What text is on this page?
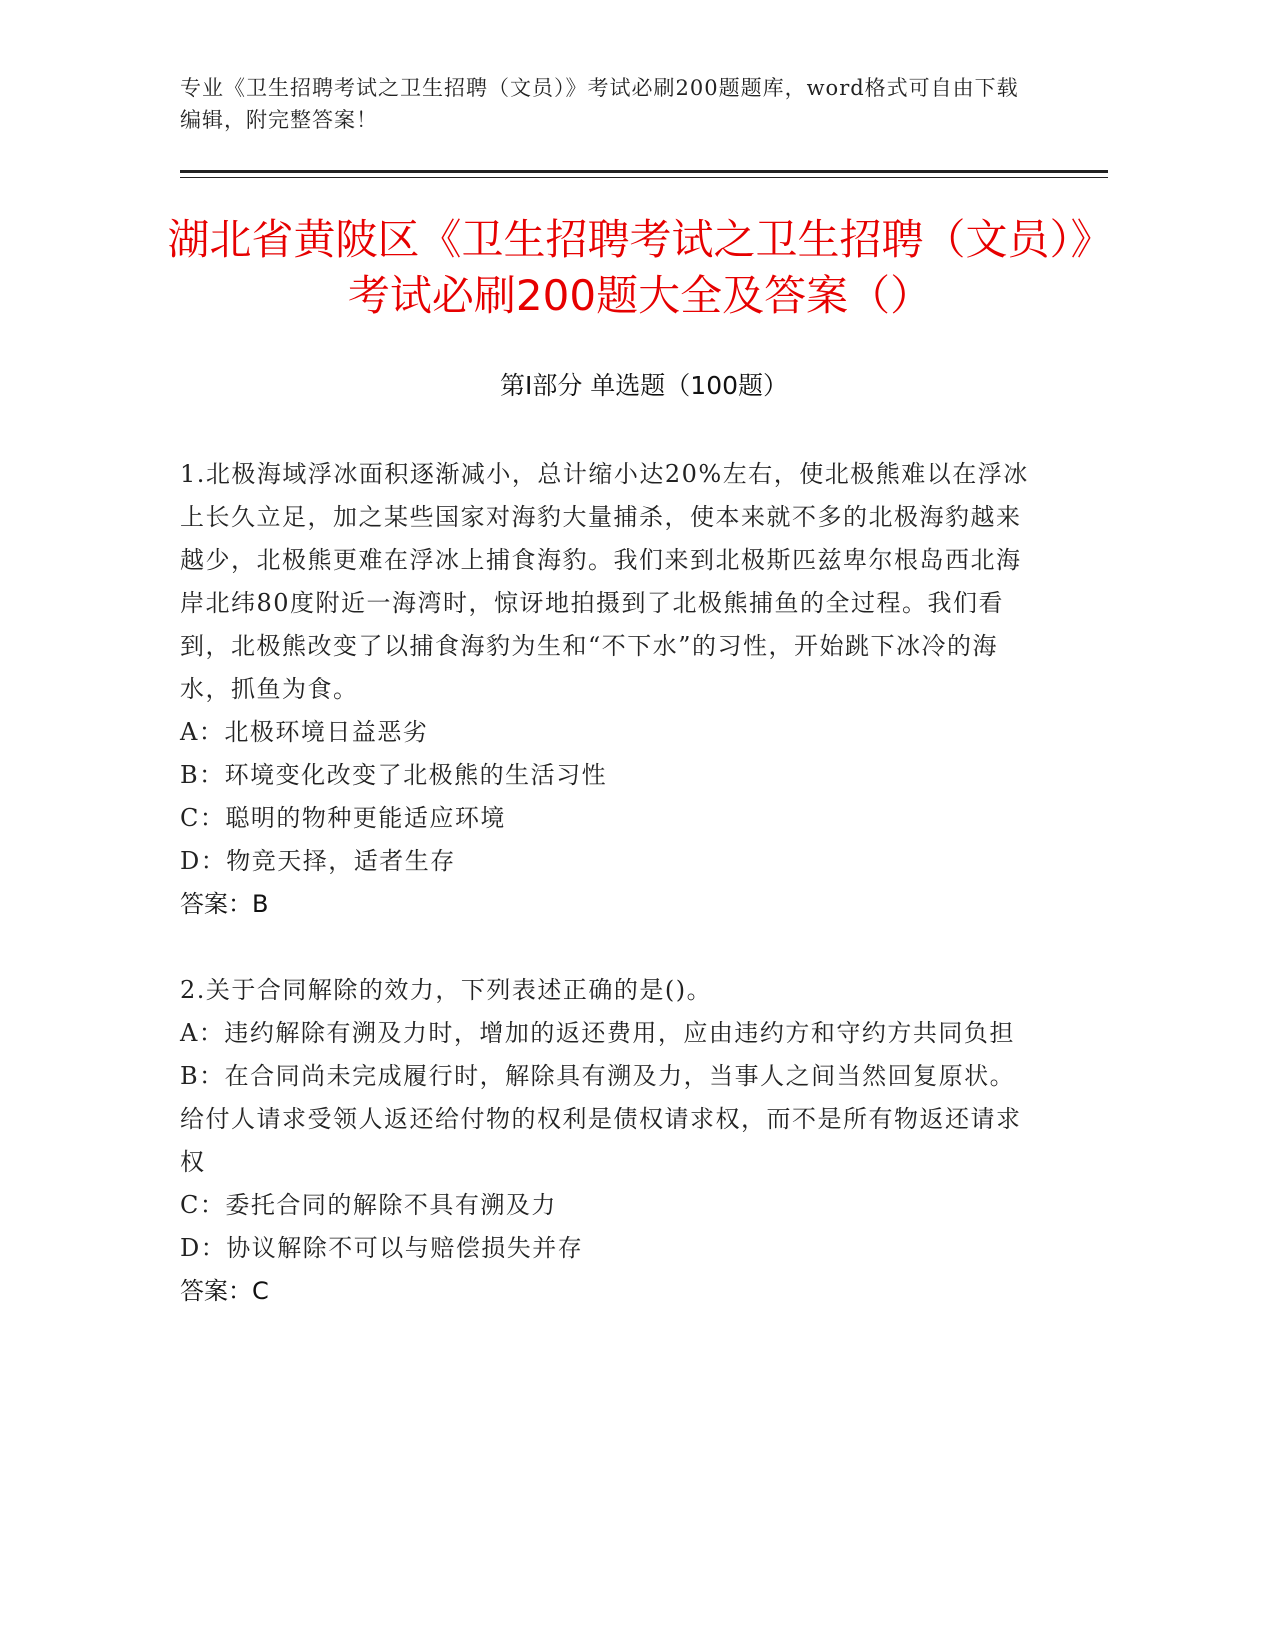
专业《卫生招聘考试之卫生招聘（文员）》考试必刷200题题库，word格式可自由下载编辑，附完整答案！
湖北省黄陂区《卫生招聘考试之卫生招聘（文员）》考试必刷200题大全及答案（）
第Ⅰ部分 单选题（100题）
1.北极海域浮冰面积逐渐减小，总计缩小达20%左右，使北极熊难以在浮冰上长久立足，加之某些国家对海豹大量捕杀，使本来就不多的北极海豹越来越少，北极熊更难在浮冰上捕食海豹。我们来到北极斯匹兹卑尔根岛西北海岸北纬80度附近一海湾时，惊讶地拍摄到了北极熊捕鱼的全过程。我们看到，北极熊改变了以捕食海豹为生和“不下水”的习性，开始跳下冰冷的海水，抓鱼为食。
A：北极环境日益恶劣
B：环境变化改变了北极熊的生活习性
C：聪明的物种更能适应环境
D：物竞天择，适者生存
答案：B
2.关于合同解除的效力，下列表述正确的是()。
A：违约解除有溯及力时，增加的返还费用，应由违约方和守约方共同负担
B：在合同尚未完成履行时，解除具有溯及力，当事人之间当然回复原状。给付人请求受领人返还给付物的权利是债权请求权，而不是所有物返还请求权
C：委托合同的解除不具有溯及力
D：协议解除不可以与赔偿损失并存
答案：C
